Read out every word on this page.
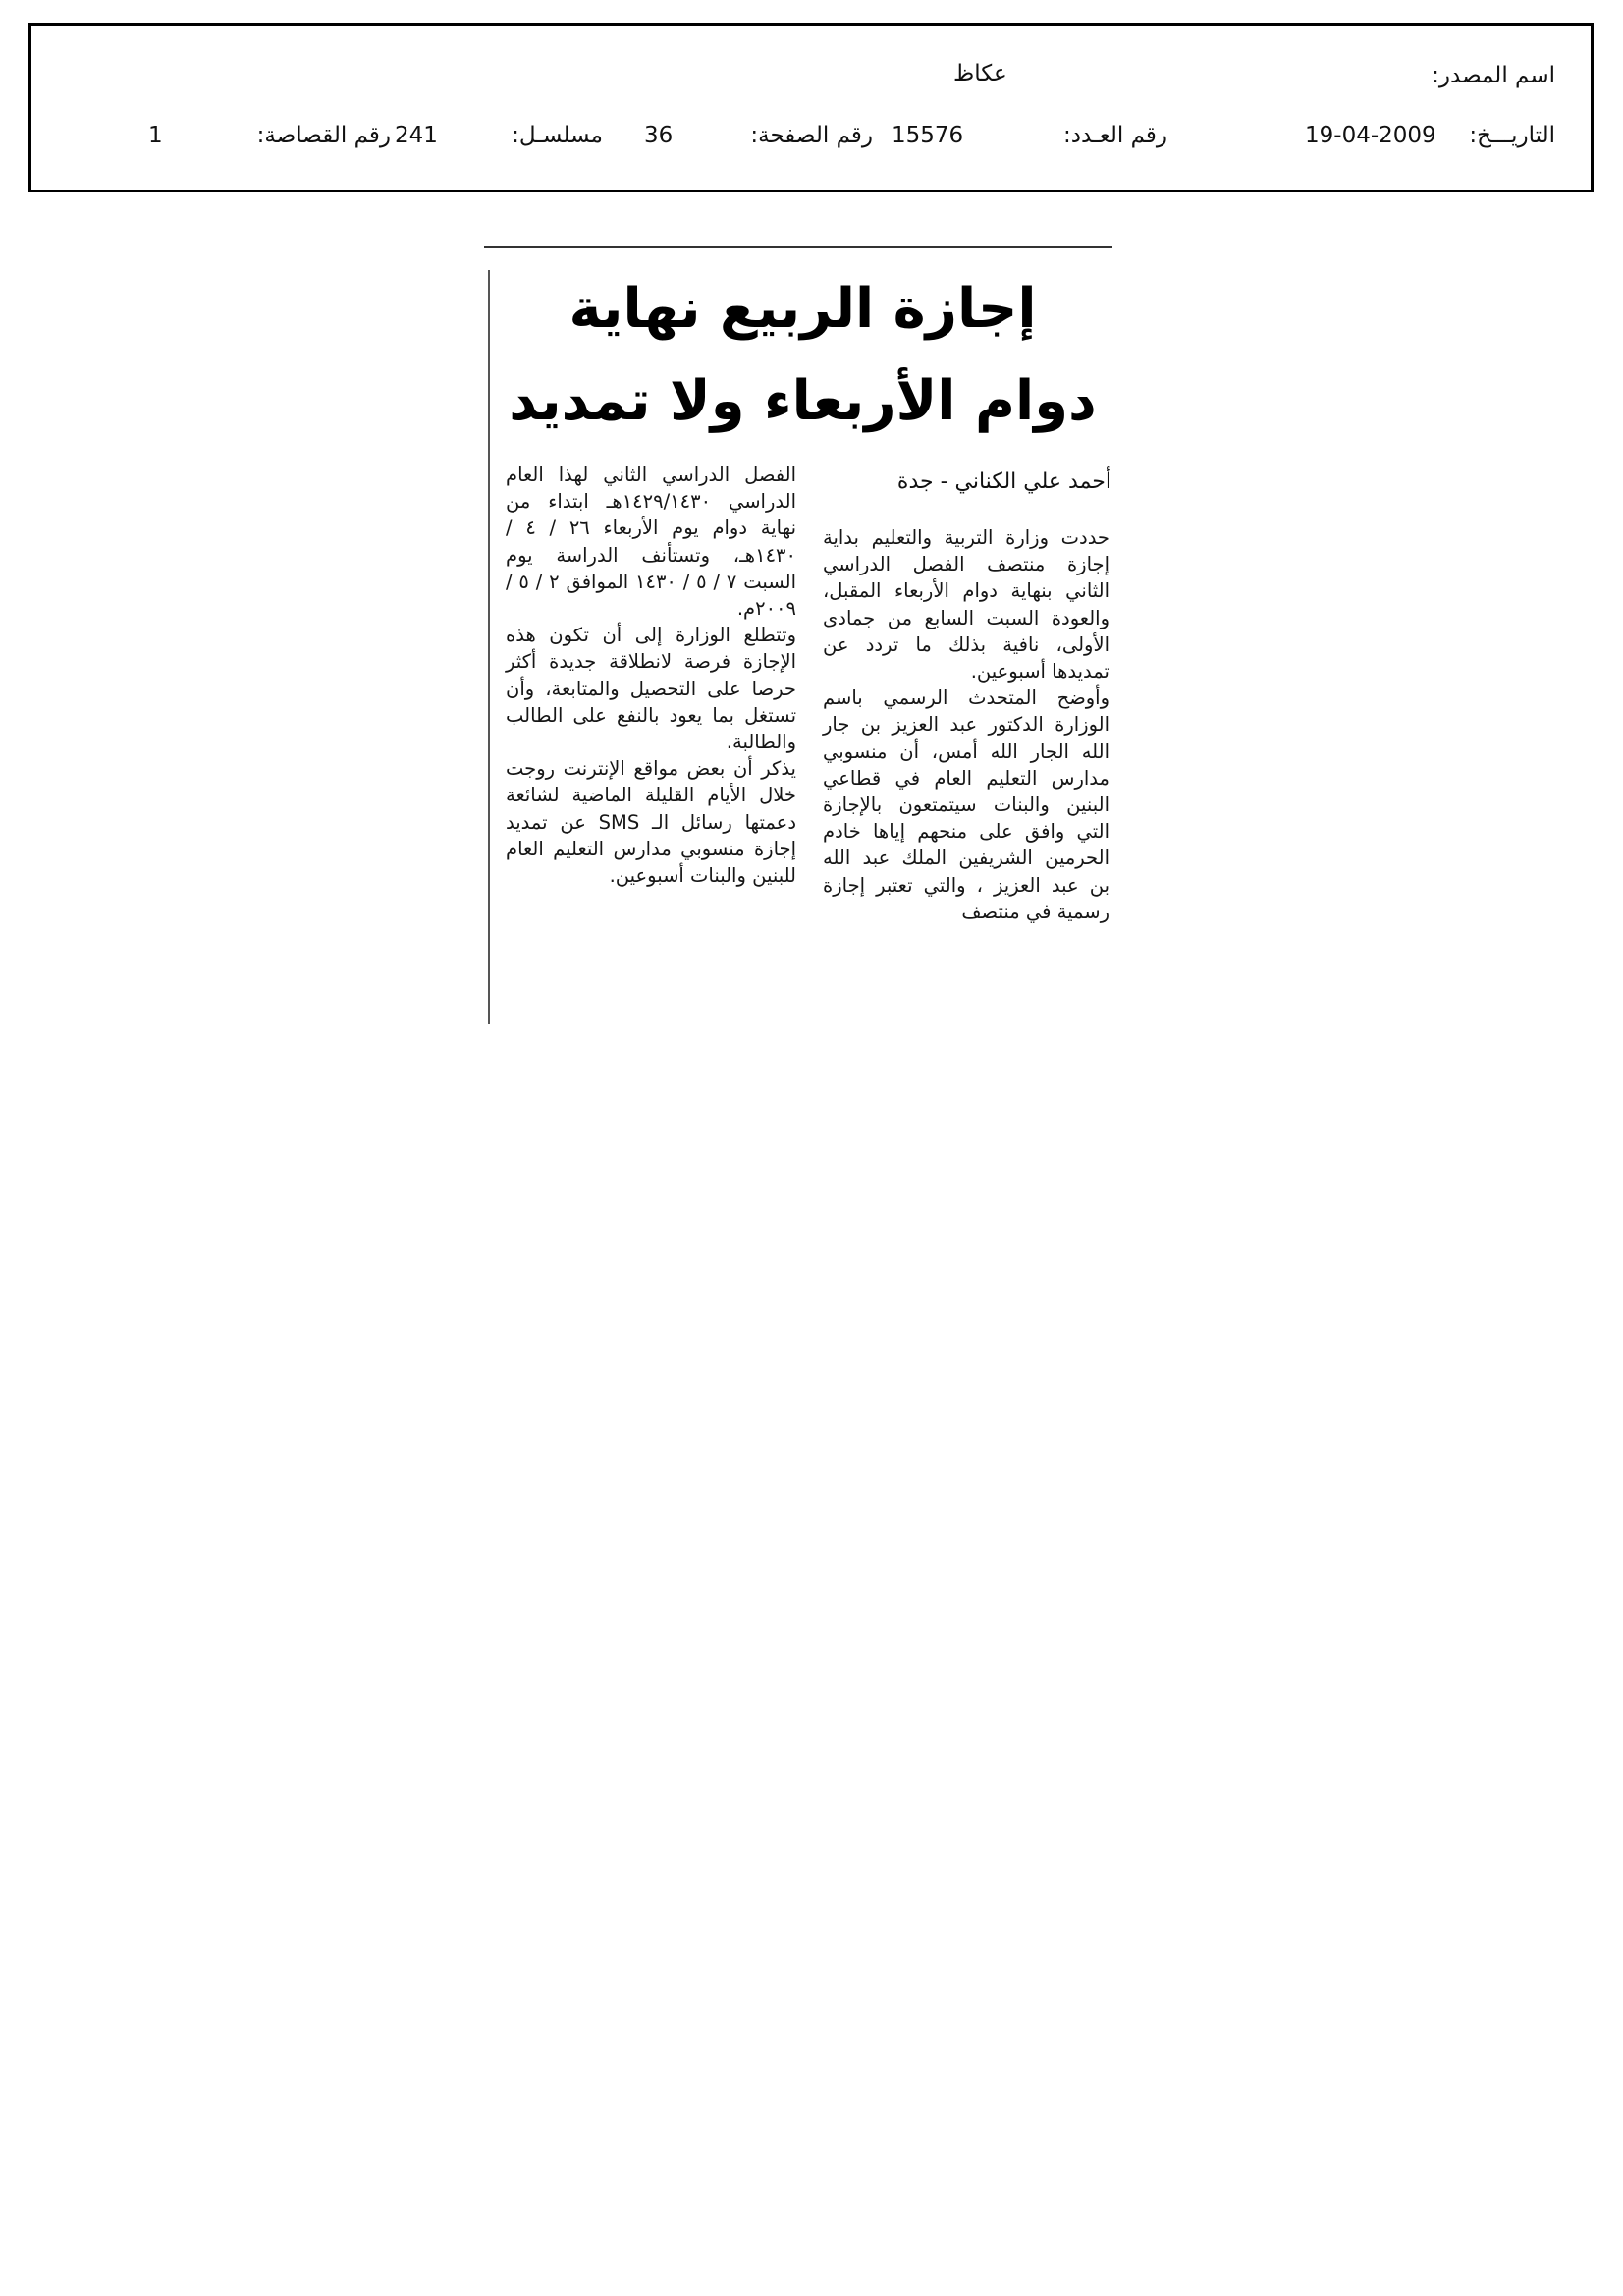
اسم المصدر:
عكاظ
التاريـــخ:
19-04-2009
رقم العـدد:
15576
رقم الصفحة:
36
مسلسـل:
241
رقم القصاصة:
1
إجازة الربيع نهاية
دوام الأربعاء ولا تمديد
أحمد علي الكناني - جدة

حددت وزارة التربية والتعليم بداية إجازة منتصف الفصل الدراسي الثاني بنهاية دوام الأربعاء المقبل، والعودة السبت السابع من جمادى الأولى، نافية بذلك ما تردد عن تمديدها أسبوعين.

وأوضح المتحدث الرسمي باسم الوزارة الدكتور عبد العزيز بن جار الله الجار الله أمس، أن منسوبي مدارس التعليم العام في قطاعي البنين والبنات سيتمتعون بالإجازة التي وافق على منحهم إياها خادم الحرمين الشريفين الملك عبد الله بن عبد العزيز ، والتي تعتبر إجازة رسمية في منتصف

الفصل الدراسي الثاني لهذا العام الدراسي ١٤٢٩/١٤٣٠هـ ابتداء من نهاية دوام يوم الأربعاء ٢٦ / ٤ / ١٤٣٠هـ، وتستأنف الدراسة يوم السبت ٧ / ٥ / ١٤٣٠ الموافق ٢ / ٥ / ٢٠٠٩م.

وتتطلع الوزارة إلى أن تكون هذه الإجازة فرصة لانطلاقة جديدة أكثر حرصا على التحصيل والمتابعة، وأن تستغل بما يعود بالنفع على الطالب والطالبة.

يذكر أن بعض مواقع الإنترنت روجت خلال الأيام القليلة الماضية لشائعة دعمتها رسائل الـ SMS عن تمديد إجازة منسوبي مدارس التعليم العام للبنين والبنات أسبوعين.
